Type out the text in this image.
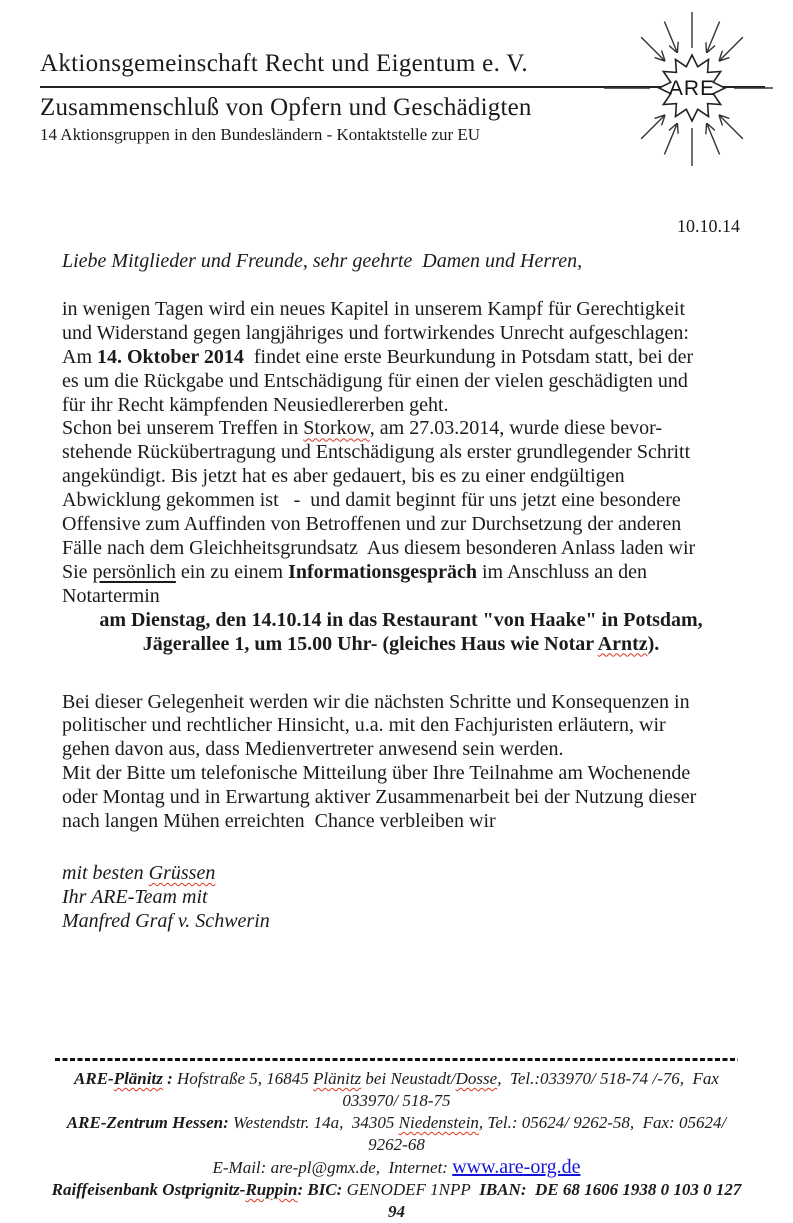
Aktionsgemeinschaft Recht und Eigentum e. V.
Zusammenschluß von Opfern und Geschädigten
14 Aktionsgruppen in den Bundesländern - Kontaktstelle zur EU
ARE
10.10.14
Liebe Mitglieder und Freunde, sehr geehrte  Damen und Herren,
in wenigen Tagen wird ein neues Kapitel in unserem Kampf für Gerechtigkeit
und Widerstand gegen langjähriges und fortwirkendes Unrecht aufgeschlagen:
Am 14. Oktober 2014  findet eine erste Beurkundung in Potsdam statt, bei der
es um die Rückgabe und Entschädigung für einen der vielen geschädigten und
für ihr Recht kämpfenden Neusiedlererben geht.
Schon bei unserem Treffen in Storkow, am 27.03.2014, wurde diese bevor-
stehende Rückübertragung und Entschädigung als erster grundlegender Schritt
angekündigt. Bis jetzt hat es aber gedauert, bis es zu einer endgültigen
Abwicklung gekommen ist   -  und damit beginnt für uns jetzt eine besondere
Offensive zum Auffinden von Betroffenen und zur Durchsetzung der anderen
Fälle nach dem Gleichheitsgrundsatz  Aus diesem besonderen Anlass laden wir
Sie persönlich ein zu einem Informationsgespräch im Anschluss an den
Notartermin
am Dienstag, den 14.10.14 in das Restaurant "von Haake" in Potsdam,
Jägerallee 1, um 15.00 Uhr- (gleiches Haus wie Notar Arntz).
Bei dieser Gelegenheit werden wir die nächsten Schritte und Konsequenzen in
politischer und rechtlicher Hinsicht, u.a. mit den Fachjuristen erläutern, wir
gehen davon aus, dass Medienvertreter anwesend sein werden.
Mit der Bitte um telefonische Mitteilung über Ihre Teilnahme am Wochenende
oder Montag und in Erwartung aktiver Zusammenarbeit bei der Nutzung dieser
nach langen Mühen erreichten  Chance verbleiben wir
mit besten Grüssen
Ihr ARE-Team mit
Manfred Graf v. Schwerin
ARE-Plänitz : Hofstraße 5, 16845 Plänitz bei Neustadt/Dosse,  Tel.:033970/ 518-74 /-76,  Fax 033970/ 518-75
ARE-Zentrum Hessen: Westendstr. 14a,  34305 Niedenstein, Tel.: 05624/ 9262-58,  Fax: 05624/ 9262-68
E-Mail: are-pl@gmx.de,  Internet: www.are-org.de
Raiffeisenbank Ostprignitz-Ruppin: BIC: GENODEF 1NPP  IBAN:  DE 68 1606 1938 0 103 0 127 94
